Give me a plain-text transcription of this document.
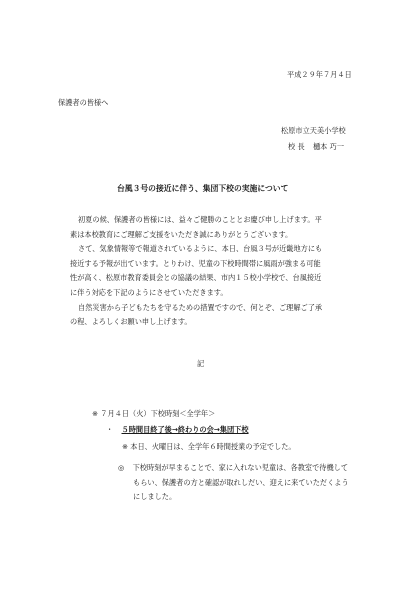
平成２９年７月４日
保護者の皆様へ
松原市立天美小学校
校 長 樋本 巧一
台風３号の接近に伴う、集団下校の実施について
初夏の候、保護者の皆様には、益々ご健勝のこととお慶び申し上げます。平
素は本校教育にご理解ご支援をいただき誠にありがとうございます。
さて、気象情報等で報道されているように、本日、台風３号が近畿地方にも
接近する予報が出ています。とりわけ、児童の下校時間帯に風雨が強まる可能
性が高く、松原市教育委員会との協議の結果、市内１５校小学校で、台風接近
に伴う対応を下記のようにさせていただきます。
自然災害から子どもたちを守るための措置ですので、何とぞ、ご理解ご了承
の程、よろしくお願い申し上げます。
記
※ ７月４日（火）下校時刻＜全学年＞
・ ５時間目終了後→終わりの会→集団下校
※ 本日、火曜日は、全学年６時間授業の予定でした。
◎ 下校時刻が早まることで、家に入れない児童は、各教室で待機して
もらい、保護者の方と確認が取れしだい、迎えに来ていただくよう
にしました。
